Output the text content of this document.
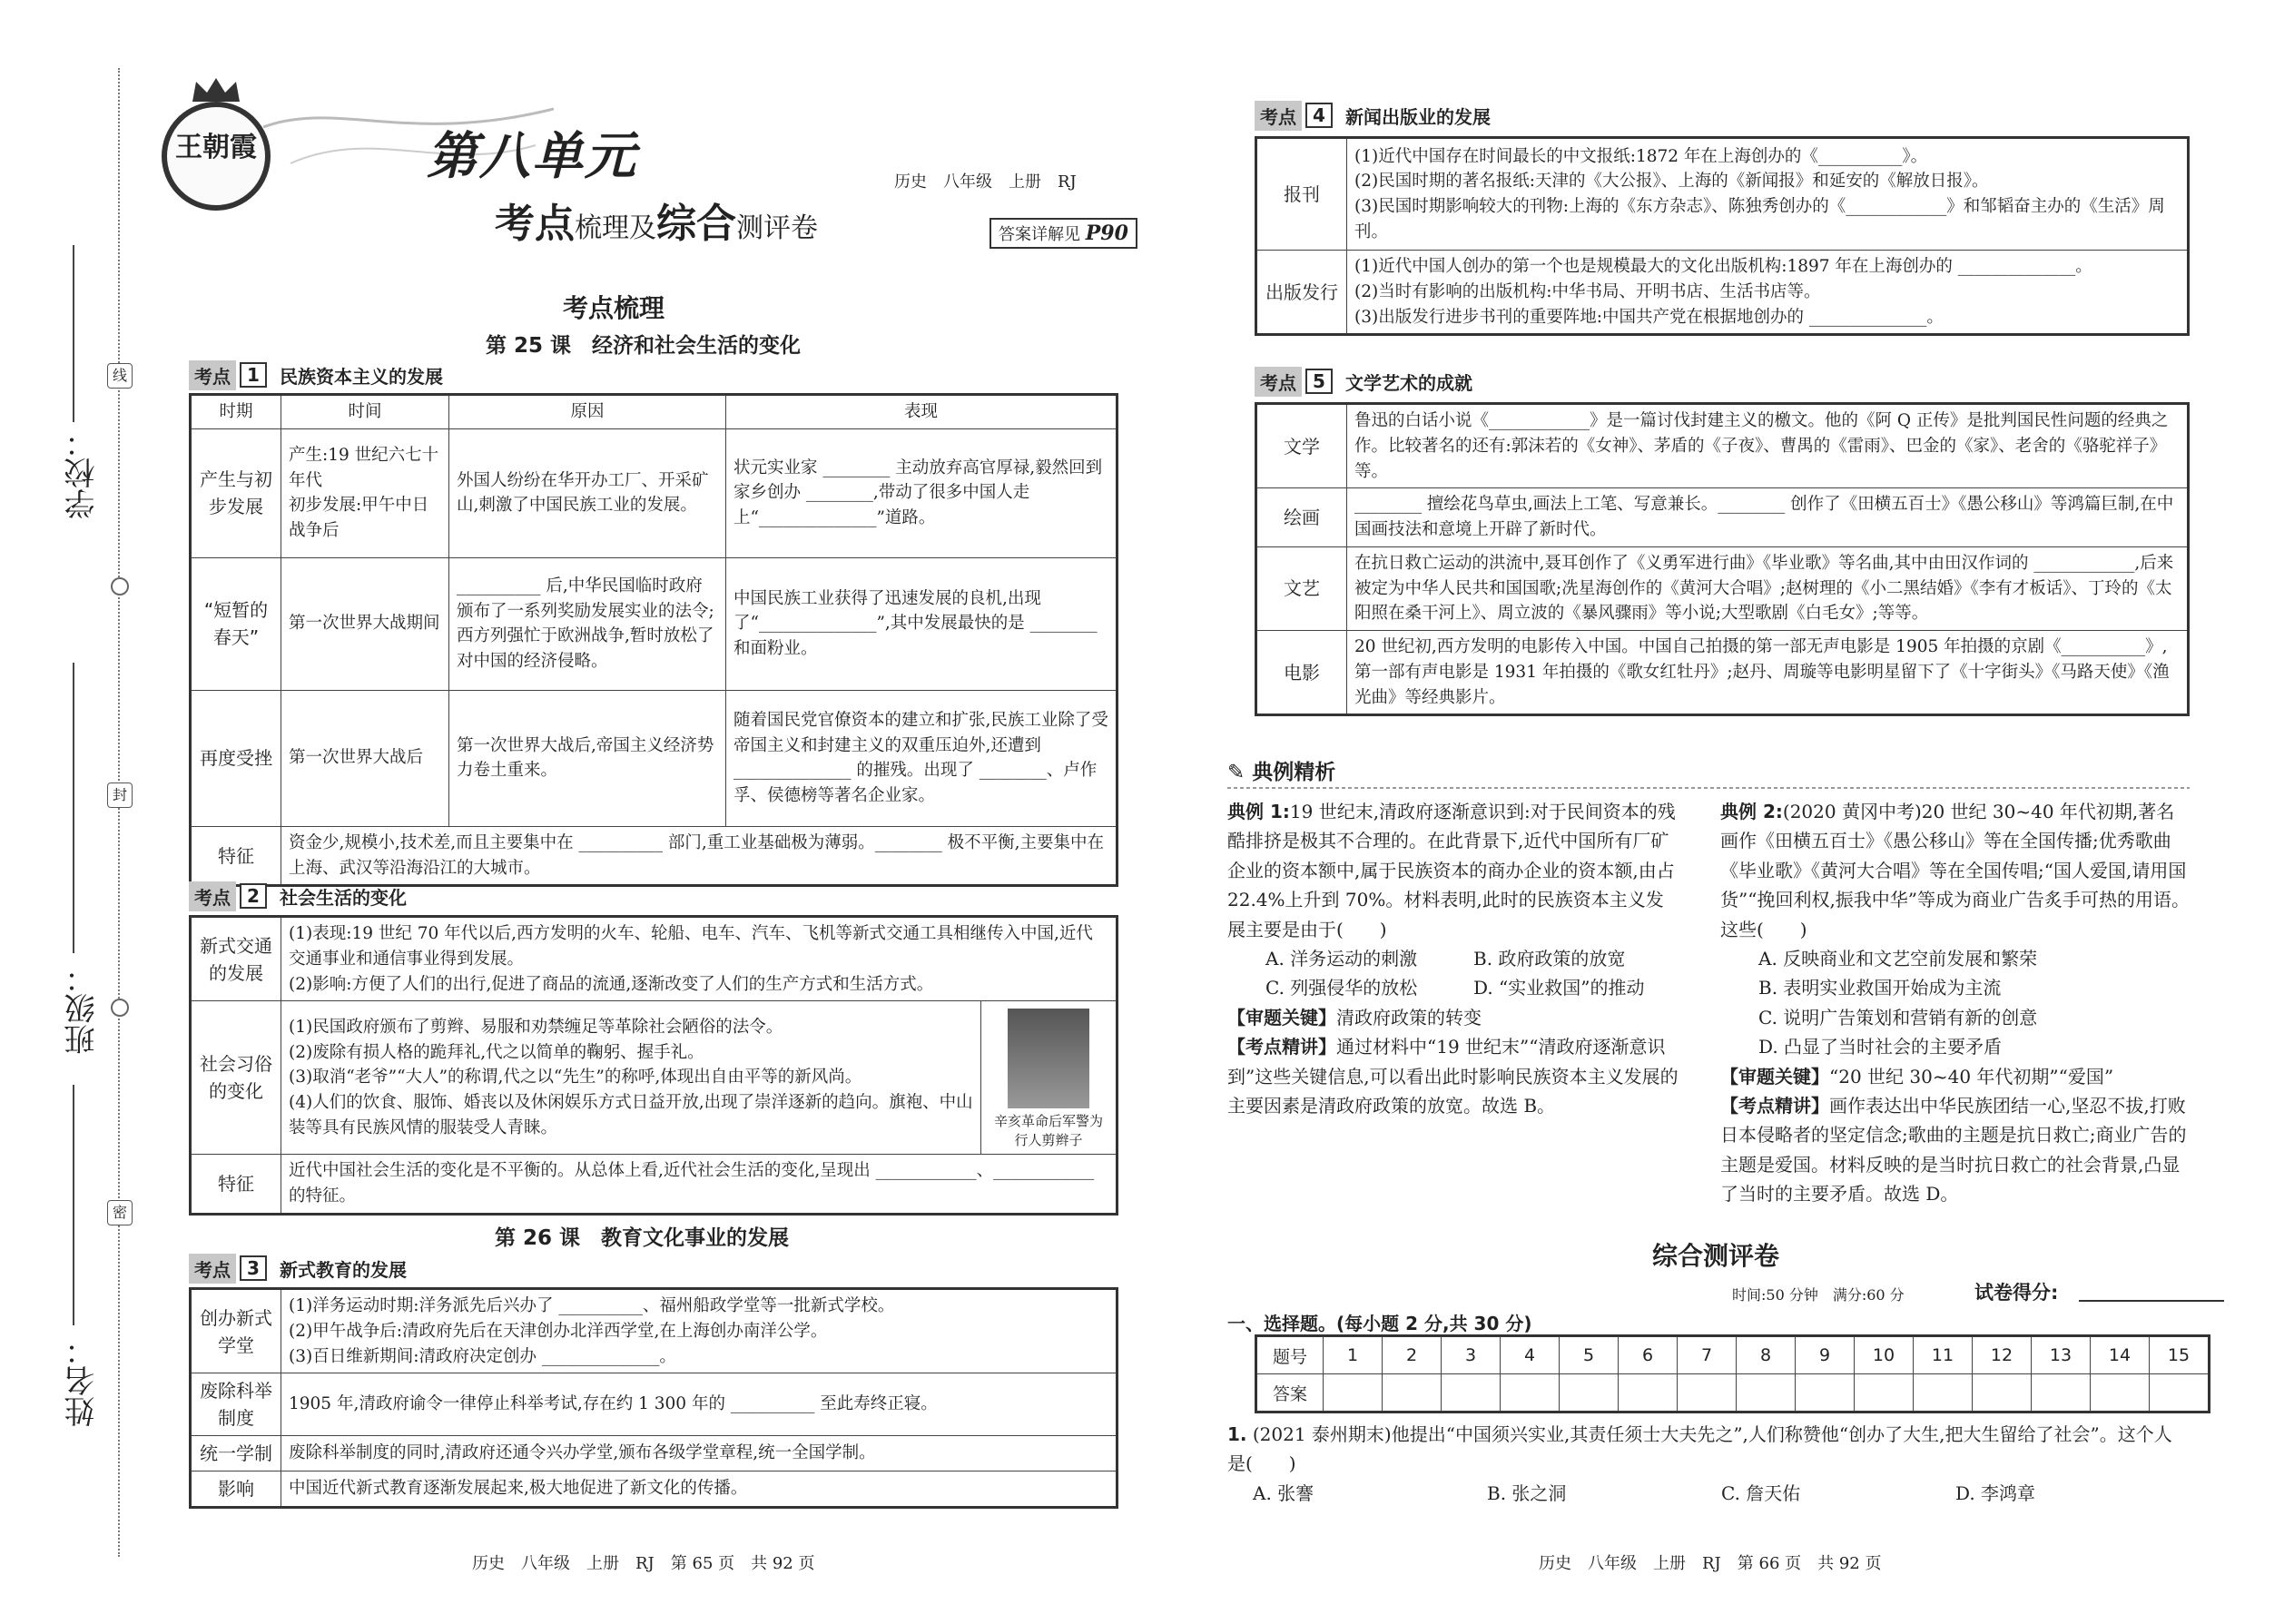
学校：
班级：
姓名：
线
封
密
王朝霞	第八单元
考点梳理及综合测评卷
历史　八年级　上册　RJ
答案详解见 P90
考点梳理
第 25 课　经济和社会生活的变化
考点 1	民族资本主义的发展
时期	时间	原因	表现
产生与初步发展	产生:19 世纪六七十年代
初步发展:甲午中日战争后	外国人纷纷在华开办工厂、开采矿山,刺激了中国民族工业的发展。	状元实业家 ________ 主动放弃高官厚禄,毅然回到家乡创办 ________,带动了很多中国人走上“______________”道路。
“短暂的春天”	第一次世界大战期间	__________ 后,中华民国临时政府颁布了一系列奖励发展实业的法令;西方列强忙于欧洲战争,暂时放松了对中国的经济侵略。	中国民族工业获得了迅速发展的良机,出现了“______________”,其中发展最快的是 ________ 和面粉业。
再度受挫	第一次世界大战后	第一次世界大战后,帝国主义经济势力卷土重来。	随着国民党官僚资本的建立和扩张,民族工业除了受帝国主义和封建主义的双重压迫外,还遭到 ______________ 的摧残。出现了 ________、卢作孚、侯德榜等著名企业家。
特征	资金少,规模小,技术差,而且主要集中在 __________ 部门,重工业基础极为薄弱。________ 极不平衡,主要集中在上海、武汉等沿海沿江的大城市。		
考点 2	社会生活的变化
新式交通的发展	(1)表现:19 世纪 70 年代以后,西方发明的火车、轮船、电车、汽车、飞机等新式交通工具相继传入中国,近代交通事业和通信事业得到发展。
(2)影响:方便了人们的出行,促进了商品的流通,逐渐改变了人们的生产方式和生活方式。	
社会习俗的变化	(1)民国政府颁布了剪辫、易服和劝禁缠足等革除社会陋俗的法令。
(2)废除有损人格的跪拜礼,代之以简单的鞠躬、握手礼。
(3)取消“老爷”“大人”的称谓,代之以“先生”的称呼,体现出自由平等的新风尚。
(4)人们的饮食、服饰、婚丧以及休闲娱乐方式日益开放,出现了崇洋逐新的趋向。旗袍、中山装等具有民族风情的服装受人青睐。	辛亥革命后军警为行人剪辫子

特征	近代中国社会生活的变化是不平衡的。从总体上看,近代社会生活的变化,呈现出 ____________、____________ 的特征。	
第 26 课　教育文化事业的发展
考点 3	新式教育的发展
创办新式学堂	(1)洋务运动时期:洋务派先后兴办了 __________、福州船政学堂等一批新式学校。
(2)甲午战争后:清政府先后在天津创办北洋西学堂,在上海创办南洋公学。
(3)百日维新期间:清政府决定创办 ______________。
废除科举制度	1905 年,清政府谕令一律停止科举考试,存在约 1 300 年的 __________ 至此寿终正寝。
统一学制	废除科举制度的同时,清政府还通令兴办学堂,颁布各级学堂章程,统一全国学制。
影响	中国近代新式教育逐渐发展起来,极大地促进了新文化的传播。
历史　八年级　上册　RJ　第 65 页　共 92 页
考点 4	新闻出版业的发展
报刊	(1)近代中国存在时间最长的中文报纸:1872 年在上海创办的《__________》。
(2)民国时期的著名报纸:天津的《大公报》、上海的《新闻报》和延安的《解放日报》。
(3)民国时期影响较大的刊物:上海的《东方杂志》、陈独秀创办的《____________》和邹韬奋主办的《生活》周刊。
出版发行	(1)近代中国人创办的第一个也是规模最大的文化出版机构:1897 年在上海创办的 ______________。
(2)当时有影响的出版机构:中华书局、开明书店、生活书店等。
(3)出版发行进步书刊的重要阵地:中国共产党在根据地创办的 ______________。
考点 5	文学艺术的成就
文学	鲁迅的白话小说《____________》是一篇讨伐封建主义的檄文。他的《阿 Q 正传》是批判国民性问题的经典之作。比较著名的还有:郭沫若的《女神》、茅盾的《子夜》、曹禺的《雷雨》、巴金的《家》、老舍的《骆驼祥子》等。
绘画	________ 擅绘花鸟草虫,画法上工笔、写意兼长。________ 创作了《田横五百士》《愚公移山》等鸿篇巨制,在中国画技法和意境上开辟了新时代。
文艺	在抗日救亡运动的洪流中,聂耳创作了《义勇军进行曲》《毕业歌》等名曲,其中由田汉作词的 ____________,后来被定为中华人民共和国国歌;冼星海创作的《黄河大合唱》;赵树理的《小二黑结婚》《李有才板话》、丁玲的《太阳照在桑干河上》、周立波的《暴风骤雨》等小说;大型歌剧《白毛女》;等等。
电影	20 世纪初,西方发明的电影传入中国。中国自己拍摄的第一部无声电影是 1905 年拍摄的京剧《__________》,第一部有声电影是 1931 年拍摄的《歌女红牡丹》;赵丹、周璇等电影明星留下了《十字街头》《马路天使》《渔光曲》等经典影片。
✎ 典例精析
典例 1:19 世纪末,清政府逐渐意识到:对于民间资本的残酷排挤是极其不合理的。在此背景下,近代中国所有厂矿企业的资本额中,属于民族资本的商办企业的资本额,由占 22.4%上升到 70%。材料表明,此时的民族资本主义发展主要是由于(　　)
A. 洋务运动的刺激	B. 政府政策的放宽
C. 列强侵华的放松	D. “实业救国”的推动
【审题关键】清政府政策的转变
【考点精讲】通过材料中“19 世纪末”“清政府逐渐意识到”这些关键信息,可以看出此时影响民族资本主义发展的主要因素是清政府政策的放宽。故选 B。
典例 2:(2020 黄冈中考)20 世纪 30~40 年代初期,著名画作《田横五百士》《愚公移山》等在全国传播;优秀歌曲《毕业歌》《黄河大合唱》等在全国传唱;“国人爱国,请用国货”“挽回利权,振我中华”等成为商业广告炙手可热的用语。这些(　　)
A. 反映商业和文艺空前发展和繁荣
B. 表明实业救国开始成为主流
C. 说明广告策划和营销有新的创意
D. 凸显了当时社会的主要矛盾
【审题关键】“20 世纪 30~40 年代初期”“爱国”
【考点精讲】画作表达出中华民族团结一心,坚忍不拔,打败日本侵略者的坚定信念;歌曲的主题是抗日救亡;商业广告的主题是爱国。材料反映的是当时抗日救亡的社会背景,凸显了当时的主要矛盾。故选 D。
综合测评卷
时间:50 分钟　满分:60 分	试卷得分:
一、选择题。(每小题 2 分,共 30 分)
题号	1	2	3	4	5	6	7	8	9	10	11	12	13	14	15
答案															
1. (2021 泰州期末)他提出“中国须兴实业,其责任须士大夫先之”,人们称赞他“创办了大生,把大生留给了社会”。这个人是(　　)
A. 张謇	B. 张之洞	C. 詹天佑	D. 李鸿章
历史　八年级　上册　RJ　第 66 页　共 92 页
